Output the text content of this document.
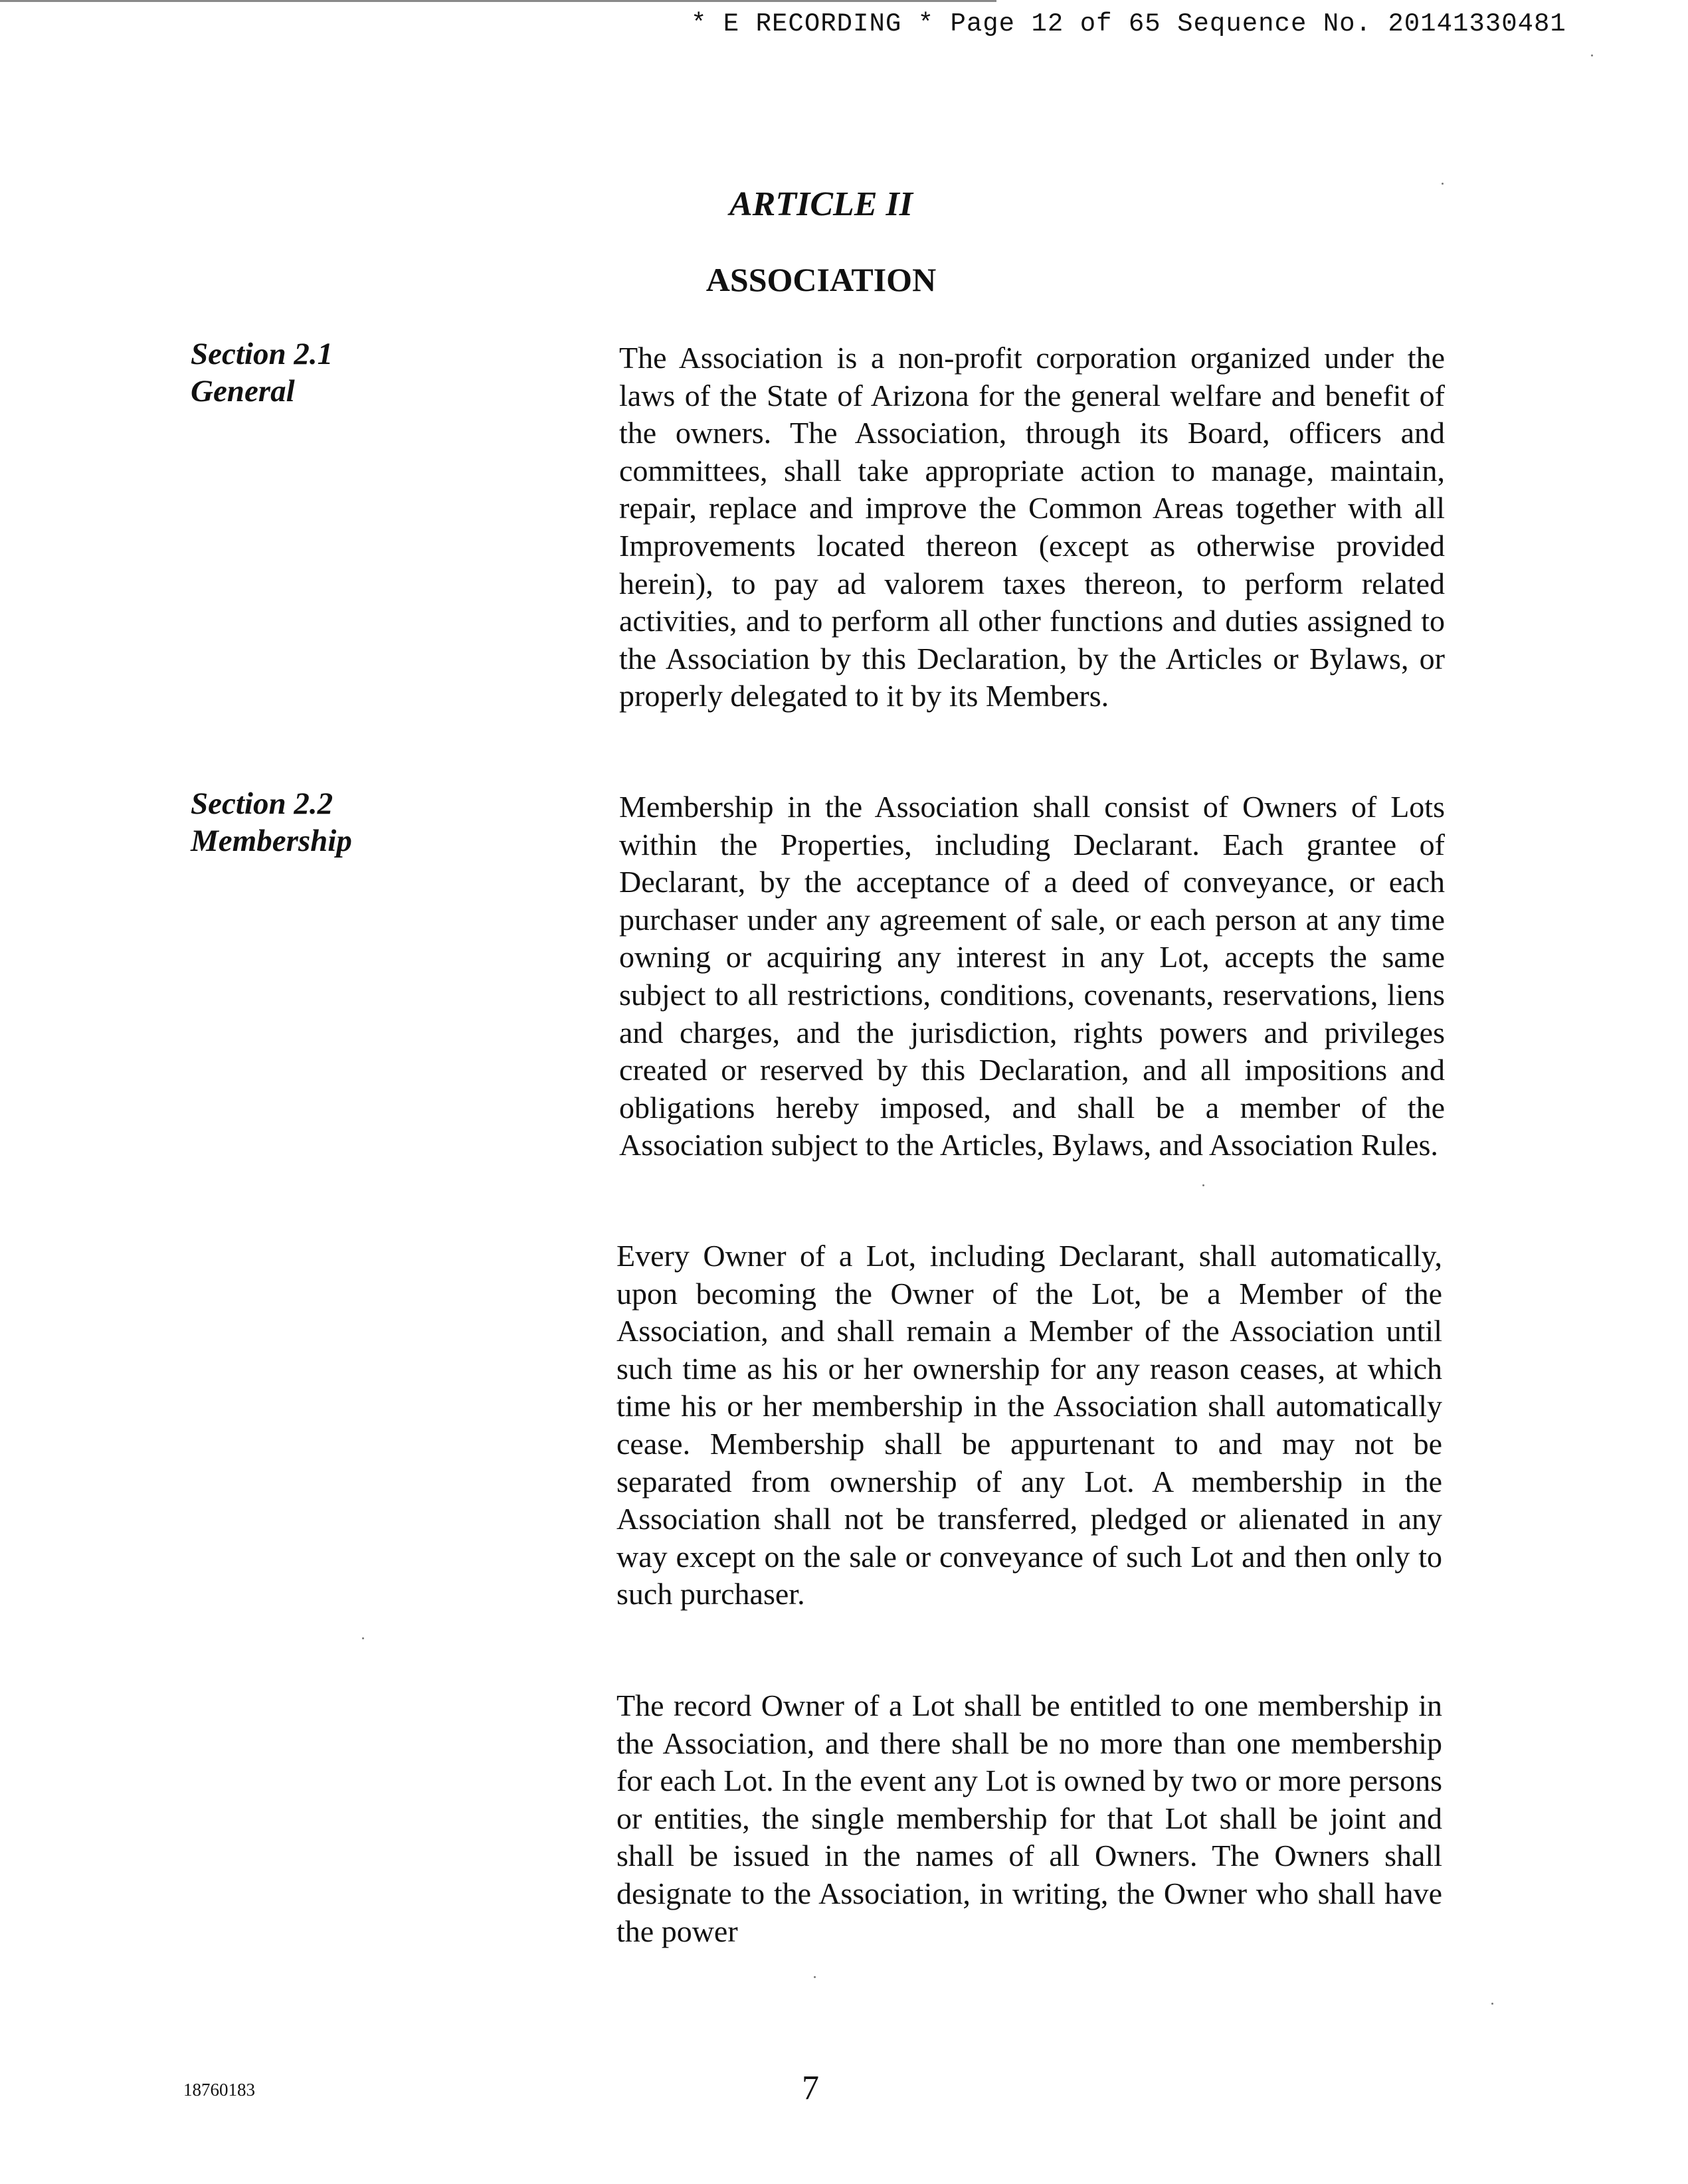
* E RECORDING * Page 12 of 65 Sequence No. 20141330481
ARTICLE II
ASSOCIATION
Section 2.1
General

The Association is a non-profit corporation organized under the laws of the State of Arizona for the general welfare and benefit of the owners. The Association, through its Board, officers and committees, shall take appropriate action to manage, maintain, repair, replace and improve the Common Areas together with all Improvements located thereon (except as otherwise provided herein), to pay ad valorem taxes thereon, to perform related activities, and to perform all other functions and duties assigned to the Association by this Declaration, by the Articles or Bylaws, or properly delegated to it by its Members.

Section 2.2
Membership

Membership in the Association shall consist of Owners of Lots within the Properties, including Declarant. Each grantee of Declarant, by the acceptance of a deed of conveyance, or each purchaser under any agreement of sale, or each person at any time owning or acquiring any interest in any Lot, accepts the same subject to all restrictions, conditions, covenants, reservations, liens and charges, and the jurisdiction, rights powers and privileges created or reserved by this Declaration, and all impositions and obligations hereby imposed, and shall be a member of the Association subject to the Articles, Bylaws, and Association Rules.

Every Owner of a Lot, including Declarant, shall automatically, upon becoming the Owner of the Lot, be a Member of the Association, and shall remain a Member of the Association until such time as his or her ownership for any reason ceases, at which time his or her membership in the Association shall automatically cease. Membership shall be appurtenant to and may not be separated from ownership of any Lot. A membership in the Association shall not be transferred, pledged or alienated in any way except on the sale or conveyance of such Lot and then only to such purchaser.

The record Owner of a Lot shall be entitled to one membership in the Association, and there shall be no more than one membership for each Lot. In the event any Lot is owned by two or more persons or entities, the single membership for that Lot shall be joint and shall be issued in the names of all Owners. The Owners shall designate to the Association, in writing, the Owner who shall have the power

18760183	7
